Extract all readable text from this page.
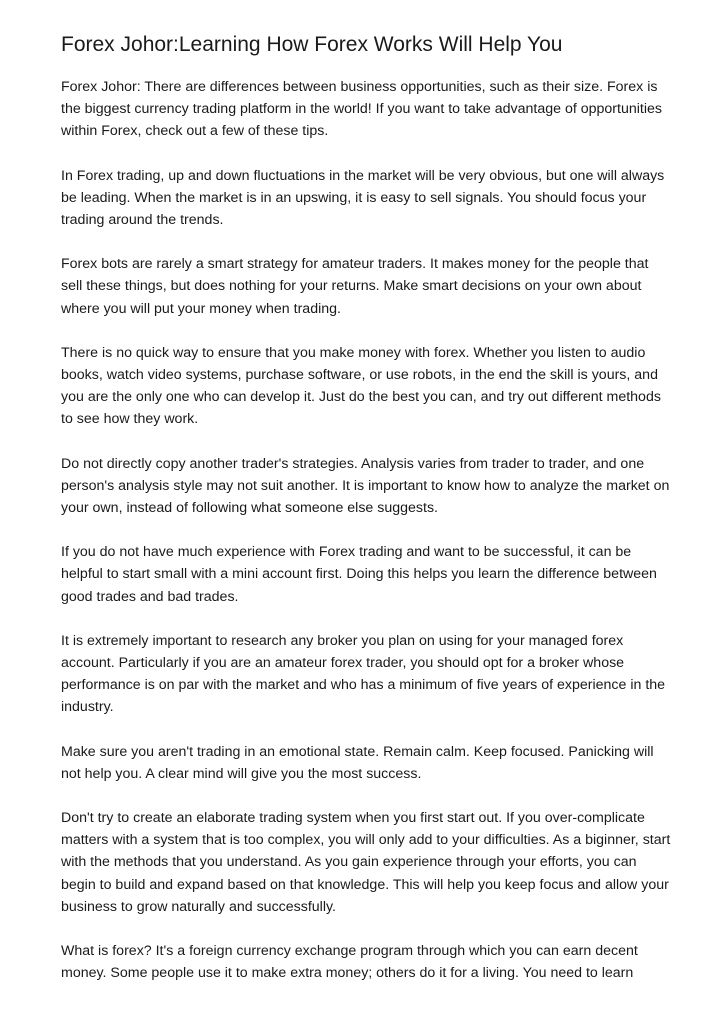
Forex Johor:Learning How Forex Works Will Help You

Forex Johor: There are differences between business opportunities, such as their size. Forex is the biggest currency trading platform in the world! If you want to take advantage of opportunities within Forex, check out a few of these tips.

In Forex trading, up and down fluctuations in the market will be very obvious, but one will always be leading. When the market is in an upswing, it is easy to sell signals. You should focus your trading around the trends.

Forex bots are rarely a smart strategy for amateur traders. It makes money for the people that sell these things, but does nothing for your returns. Make smart decisions on your own about where you will put your money when trading.

There is no quick way to ensure that you make money with forex. Whether you listen to audio books, watch video systems, purchase software, or use robots, in the end the skill is yours, and you are the only one who can develop it. Just do the best you can, and try out different methods to see how they work.

Do not directly copy another trader's strategies. Analysis varies from trader to trader, and one person's analysis style may not suit another. It is important to know how to analyze the market on your own, instead of following what someone else suggests.

If you do not have much experience with Forex trading and want to be successful, it can be helpful to start small with a mini account first. Doing this helps you learn the difference between good trades and bad trades.

It is extremely important to research any broker you plan on using for your managed forex account. Particularly if you are an amateur forex trader, you should opt for a broker whose performance is on par with the market and who has a minimum of five years of experience in the industry.

Make sure you aren't trading in an emotional state. Remain calm. Keep focused. Panicking will not help you. A clear mind will give you the most success.

Don't try to create an elaborate trading system when you first start out. If you over-complicate matters with a system that is too complex, you will only add to your difficulties. As a biginner, start with the methods that you understand. As you gain experience through your efforts, you can begin to build and expand based on that knowledge. This will help you keep focus and allow your business to grow naturally and successfully.

What is forex? It's a foreign currency exchange program through which you can earn decent money. Some people use it to make extra money; others do it for a living. You need to learn
